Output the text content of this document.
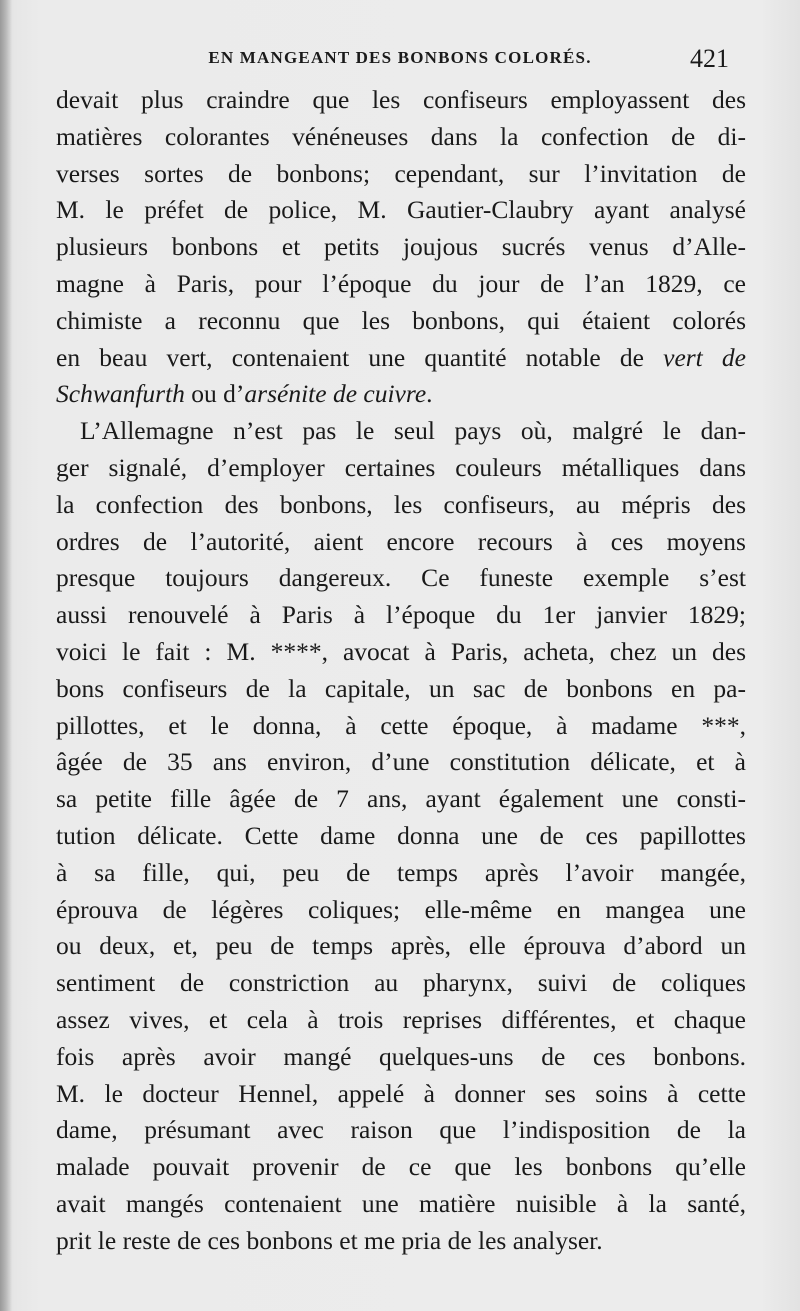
EN MANGEANT DES BONBONS COLORÉS.	421
devait plus craindre que les confiseurs employassent des
matières colorantes vénéneuses dans la confection de di-
verses sortes de bonbons; cependant, sur l’invitation de
M. le préfet de police, M. Gautier-Claubry ayant analysé
plusieurs bonbons et petits joujous sucrés venus d’Alle-
magne à Paris, pour l’époque du jour de l’an 1829, ce
chimiste a reconnu que les bonbons, qui étaient colorés
en beau vert, contenaient une quantité notable de vert de
Schwanfurth ou d’arsénite de cuivre.
L’Allemagne n’est pas le seul pays où, malgré le dan-
ger signalé, d’employer certaines couleurs métalliques dans
la confection des bonbons, les confiseurs, au mépris des
ordres de l’autorité, aient encore recours à ces moyens
presque toujours dangereux. Ce funeste exemple s’est
aussi renouvelé à Paris à l’époque du 1er janvier 1829;
voici le fait : M. ****, avocat à Paris, acheta, chez un des
bons confiseurs de la capitale, un sac de bonbons en pa-
pillottes, et le donna, à cette époque, à madame ***,
âgée de 35 ans environ, d’une constitution délicate, et à
sa petite fille âgée de 7 ans, ayant également une consti-
tution délicate. Cette dame donna une de ces papillottes
à sa fille, qui, peu de temps après l’avoir mangée,
éprouva de légères coliques; elle-même en mangea une
ou deux, et, peu de temps après, elle éprouva d’abord un
sentiment de constriction au pharynx, suivi de coliques
assez vives, et cela à trois reprises différentes, et chaque
fois après avoir mangé quelques-uns de ces bonbons.
M. le docteur Hennel, appelé à donner ses soins à cette
dame, présumant avec raison que l’indisposition de la
malade pouvait provenir de ce que les bonbons qu’elle
avait mangés contenaient une matière nuisible à la santé,
prit le reste de ces bonbons et me pria de les analyser.
